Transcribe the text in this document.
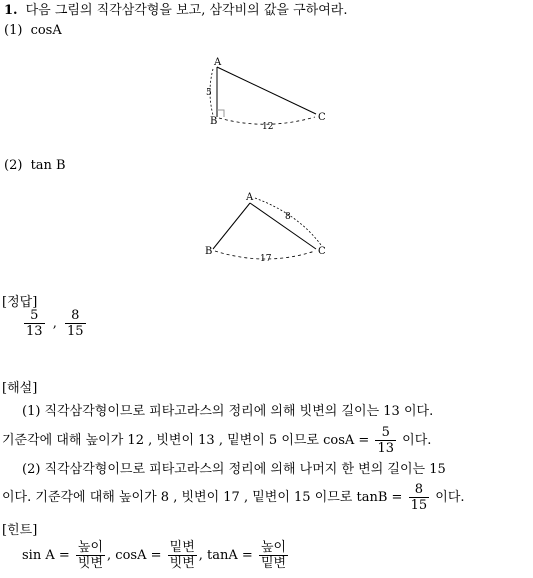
1. 다음 그림의 직각삼각형을 보고, 삼각비의 값을 구하여라.
(1) cosA
A
B	C
5
12
(2) tan B
A
B	C
8
17
[정답]
$\frac{5}{13}$ , $\frac{8}{15}$
[해설]
(1) 직각삼각형이므로 피타고라스의 정리에 의해 빗변의 길이는 13 이다.
기준각에 대해 높이가 12 , 빗변이 13 , 밑변이 5 이므로 $\cos A = \frac{5}{13}$ 이다.
(2) 직각삼각형이므로 피타고라스의 정리에 의해 나머지 한 변의 길이는 15
이다. 기준각에 대해 높이가 8 , 빗변이 17 , 밑변이 15 이므로 $\tan B = \frac{8}{15}$ 이다.
[힌트]
$\sin A = \frac{\text{높이}}{\text{빗변}}$ , $\cos A = \frac{\text{밑변}}{\text{빗변}}$ , $\tan A = \frac{\text{높이}}{\text{밑변}}$
